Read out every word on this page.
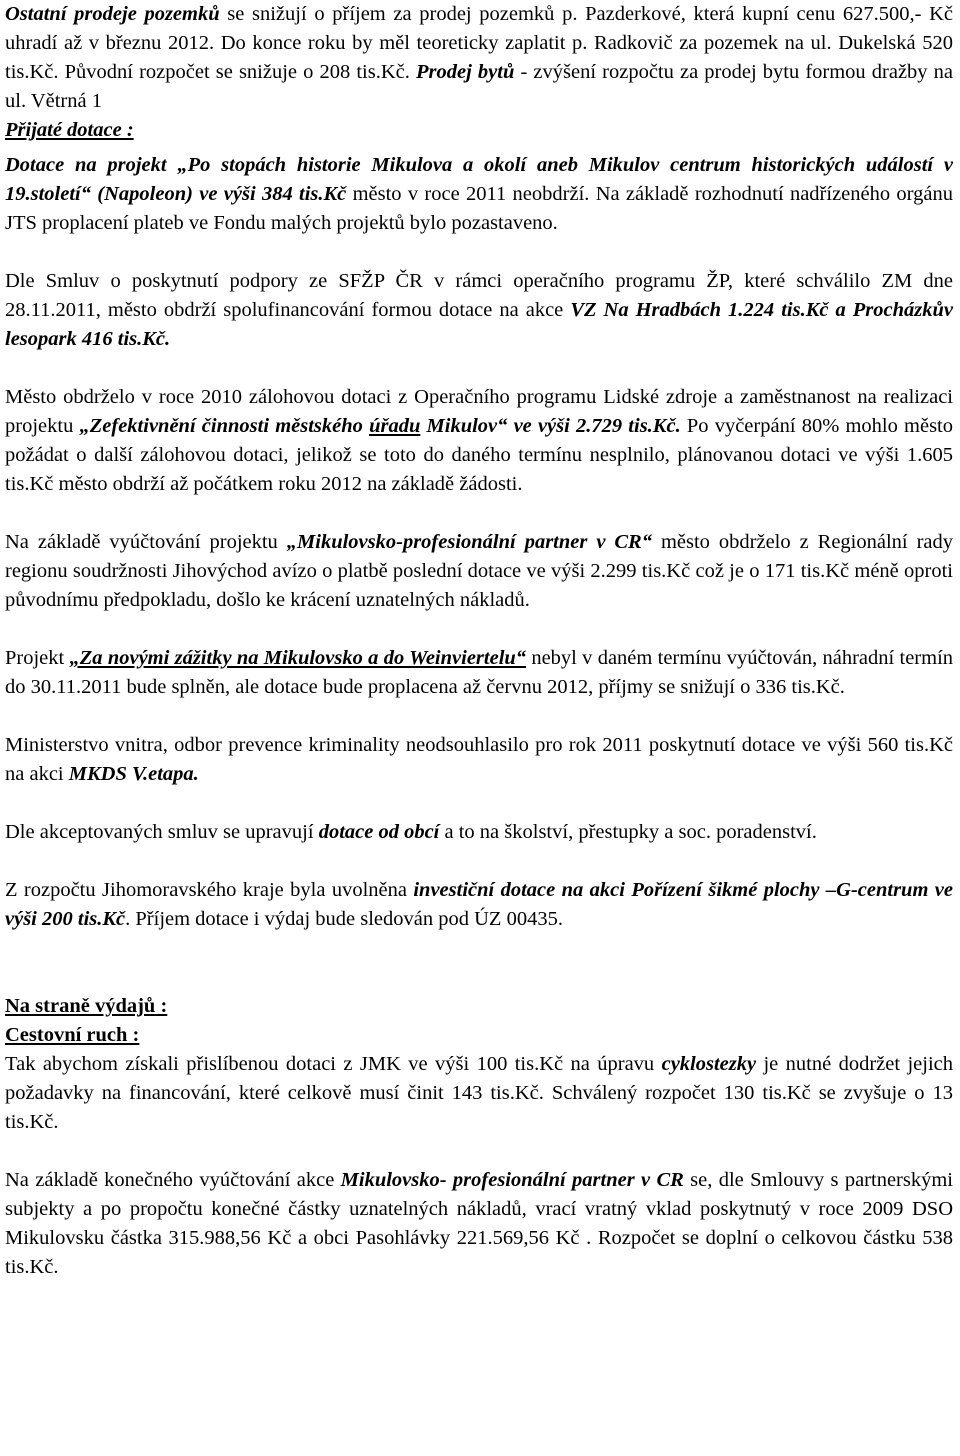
Ostatní prodeje pozemků se snižují o příjem za prodej pozemků p. Pazderkové, která kupní cenu 627.500,- Kč uhradí až v březnu 2012. Do konce roku by měl teoreticky zaplatit p. Radkovič za pozemek na ul. Dukelská 520 tis.Kč. Původní rozpočet se snižuje o 208 tis.Kč. Prodej bytů - zvýšení rozpočtu za prodej bytu formou dražby na ul. Větrná 1

Přijaté dotace :

Dotace na projekt „Po stopách historie Mikulova a okolí aneb Mikulov centrum historických událostí v 19.století“ (Napoleon) ve výši 384 tis.Kč město v roce 2011 neobdrží. Na základě rozhodnutí nadřízeného orgánu JTS proplacení plateb ve Fondu malých projektů bylo pozastaveno.

Dle Smluv o poskytnutí podpory ze SFŽP ČR v rámci operačního programu ŽP, které schválilo ZM dne 28.11.2011, město obdrží spolufinancování formou dotace na akce VZ Na Hradbách 1.224 tis.Kč a Procházkův lesopark 416 tis.Kč.

Město obdrželo v roce 2010 zálohovou dotaci z Operačního programu Lidské zdroje a zaměstnanost na realizaci projektu „Zefektivnění činnosti městského úřadu Mikulov“ ve výši 2.729 tis.Kč. Po vyčerpání 80% mohlo město požádat o další zálohovou dotaci, jelikož se toto do daného termínu nesplnilo, plánovanou dotaci ve výši 1.605 tis.Kč město obdrží až počátkem roku 2012 na základě žádosti.

Na základě vyúčtování projektu „Mikulovsko-profesionální partner v CR“ město obdrželo z Regionální rady regionu soudržnosti Jihovýchod avízo o platbě poslední dotace ve výši 2.299 tis.Kč což je o 171 tis.Kč méně oproti původnímu předpokladu, došlo ke krácení uznatelných nákladů.

Projekt „Za novými zážitky na Mikulovsko a do Weinviertelu“ nebyl v daném termínu vyúčtován, náhradní termín do 30.11.2011 bude splněn, ale dotace bude proplacena až červnu 2012, příjmy se snižují o 336 tis.Kč.

Ministerstvo vnitra, odbor prevence kriminality neodsouhlasilo pro rok 2011 poskytnutí dotace ve výši 560 tis.Kč na akci MKDS V.etapa.

Dle akceptovaných smluv se upravují dotace od obcí a to na školství, přestupky a soc. poradenství.

Z rozpočtu Jihomoravského kraje byla uvolněna investiční dotace na akci Pořízení šikmé plochy –G-centrum ve výši 200 tis.Kč. Příjem dotace i výdaj bude sledován pod ÚZ 00435.

Na straně výdajů :

Cestovní ruch :

Tak abychom získali přislíbenou dotaci z JMK ve výši 100 tis.Kč na úpravu cyklostezky je nutné dodržet jejich požadavky na financování, které celkově musí činit 143 tis.Kč. Schválený rozpočet 130 tis.Kč se zvyšuje o 13 tis.Kč.

Na základě konečného vyúčtování akce Mikulovsko- profesionální partner v CR se, dle Smlouvy s partnerskými subjekty a po propočtu konečné částky uznatelných nákladů, vrací vratný vklad poskytnutý v roce 2009 DSO Mikulovsku částka 315.988,56 Kč a obci Pasohlávky 221.569,56 Kč . Rozpočet se doplní o celkovou částku 538 tis.Kč.
